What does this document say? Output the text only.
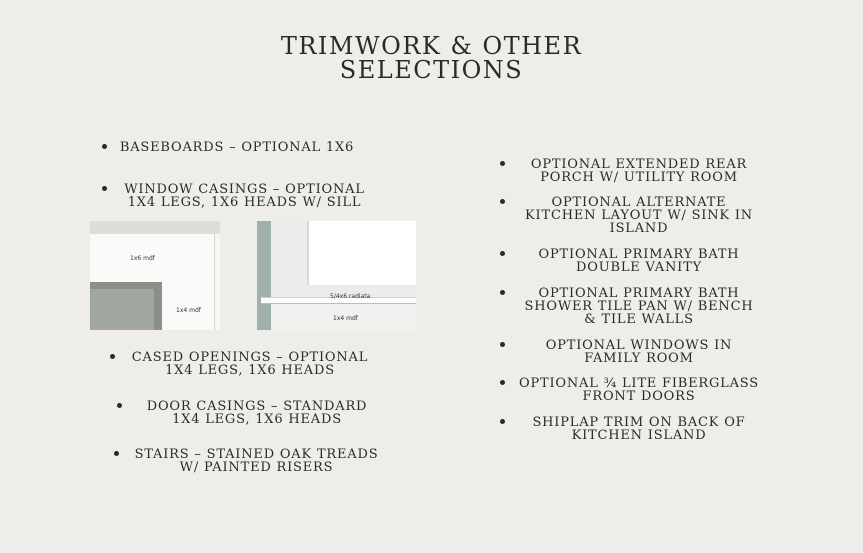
TRIMWORK & OTHER
SELECTIONS
BASEBOARDS – OPTIONAL 1X6
WINDOW CASINGS – OPTIONAL
1X4 LEGS, 1X6 HEADS W/ SILL
CASED OPENINGS – OPTIONAL
1X4 LEGS, 1X6 HEADS
DOOR CASINGS – STANDARD
1X4 LEGS, 1X6 HEADS
STAIRS – STAINED OAK TREADS
W/ PAINTED RISERS
1x6 mdf
1x4 mdf
5/4x6 radiata
1x4 mdf
OPTIONAL EXTENDED REAR
PORCH W/ UTILITY ROOM
OPTIONAL ALTERNATE
KITCHEN LAYOUT W/ SINK IN
ISLAND
OPTIONAL PRIMARY BATH
DOUBLE VANITY
OPTIONAL PRIMARY BATH
SHOWER TILE PAN W/ BENCH
& TILE WALLS
OPTIONAL WINDOWS IN
FAMILY ROOM
OPTIONAL ¾ LITE FIBERGLASS
FRONT DOORS
SHIPLAP TRIM ON BACK OF
KITCHEN ISLAND
